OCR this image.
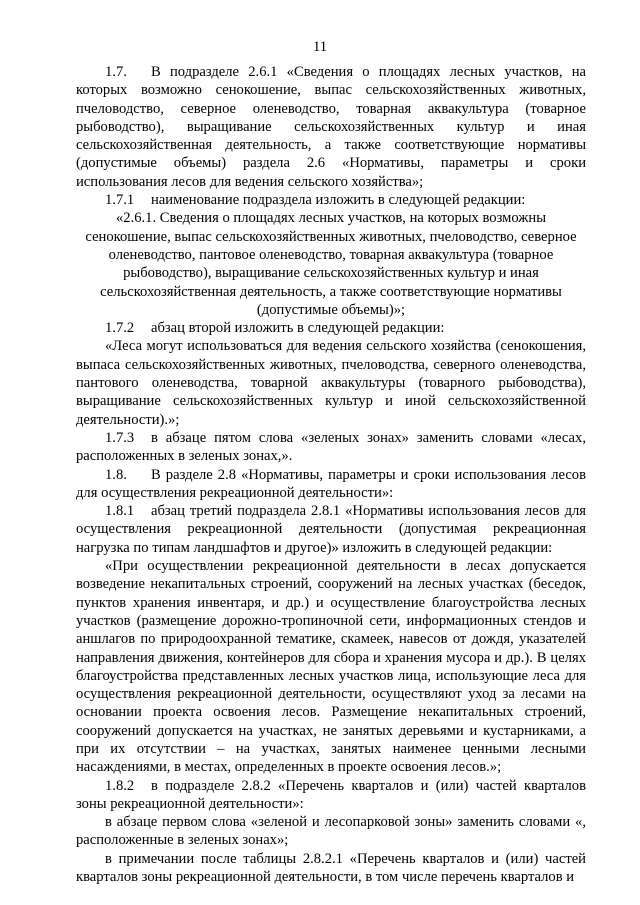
11

1.7. В подразделе 2.6.1 «Сведения о площадях лесных участков, на которых возможно сенокошение, выпас сельскохозяйственных животных, пчеловодство, северное оленеводство, товарная аквакультура (товарное рыбоводство), выращивание сельскохозяйственных культур и иная сельскохозяйственная деятельность, а также соответствующие нормативы (допустимые объемы) раздела 2.6 «Нормативы, параметры и сроки использования лесов для ведения сельского хозяйства»;

1.7.1 наименование подраздела изложить в следующей редакции:

«2.6.1. Сведения о площадях лесных участков, на которых возможны сенокошение, выпас сельскохозяйственных животных, пчеловодство, северное оленеводство, пантовое оленеводство, товарная аквакультура (товарное рыбоводство), выращивание сельскохозяйственных культур и иная сельскохозяйственная деятельность, а также соответствующие нормативы (допустимые объемы)»;

1.7.2 абзац второй изложить в следующей редакции:

«Леса могут использоваться для ведения сельского хозяйства (сенокошения, выпаса сельскохозяйственных животных, пчеловодства, северного оленеводства, пантового оленеводства, товарной аквакультуры (товарного рыбоводства), выращивание сельскохозяйственных культур и иной сельскохозяйственной деятельности).»;

1.7.3 в абзаце пятом слова «зеленых зонах» заменить словами «лесах, расположенных в зеленых зонах,».

1.8. В разделе 2.8 «Нормативы, параметры и сроки использования лесов для осуществления рекреационной деятельности»:

1.8.1 абзац третий подраздела 2.8.1 «Нормативы использования лесов для осуществления рекреационной деятельности (допустимая рекреационная нагрузка по типам ландшафтов и другое)» изложить в следующей редакции:

«При осуществлении рекреационной деятельности в лесах допускается возведение некапитальных строений, сооружений на лесных участках (беседок, пунктов хранения инвентаря, и др.) и осуществление благоустройства лесных участков (размещение дорожно-тропиночной сети, информационных стендов и аншлагов по природоохранной тематике, скамеек, навесов от дождя, указателей направления движения, контейнеров для сбора и хранения мусора и др.). В целях благоустройства представленных лесных участков лица, использующие леса для осуществления рекреационной деятельности, осуществляют уход за лесами на основании проекта освоения лесов. Размещение некапитальных строений, сооружений допускается на участках, не занятых деревьями и кустарниками, а при их отсутствии – на участках, занятых наименее ценными лесными насаждениями, в местах, определенных в проекте освоения лесов.»;

1.8.2 в подразделе 2.8.2 «Перечень кварталов и (или) частей кварталов зоны рекреационной деятельности»:

в абзаце первом слова «зеленой и лесопарковой зоны» заменить словами «, расположенные в зеленых зонах»;

в примечании после таблицы 2.8.2.1 «Перечень кварталов и (или) частей кварталов зоны рекреационной деятельности, в том числе перечень кварталов и
